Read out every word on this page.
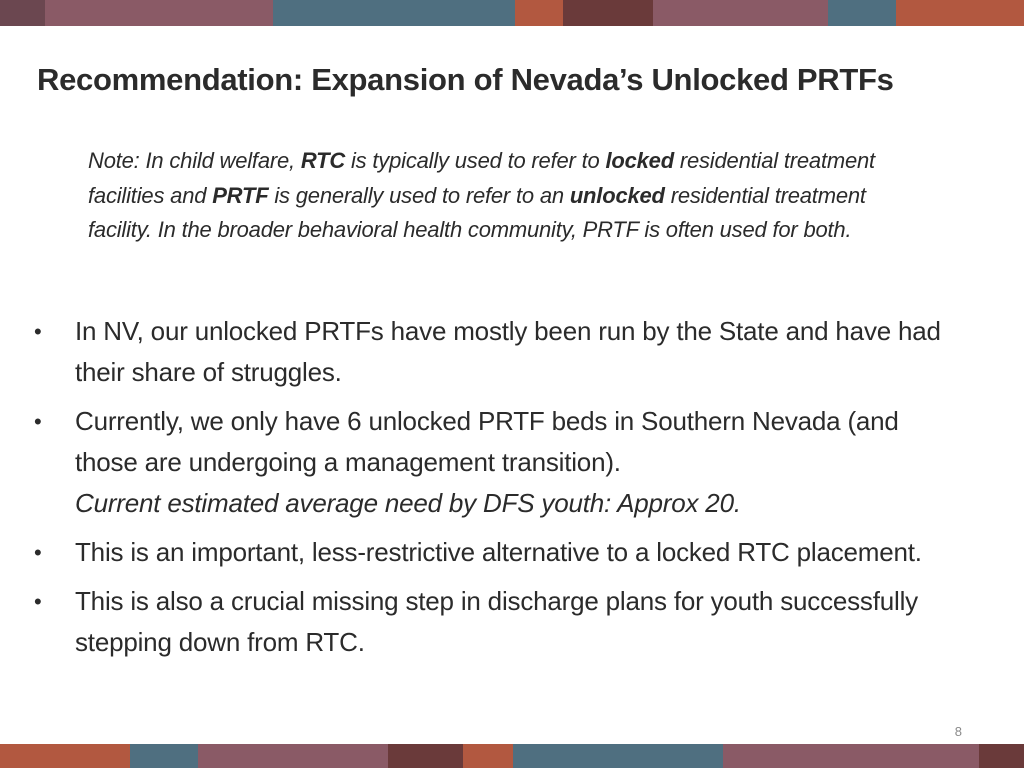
Recommendation: Expansion of Nevada’s Unlocked PRTFs
Note: In child welfare, RTC is typically used to refer to locked residential treatment facilities and PRTF is generally used to refer to an unlocked residential treatment facility. In the broader behavioral health community, PRTF is often used for both.
• In NV, our unlocked PRTFs have mostly been run by the State and have had their share of struggles.
• Currently, we only have 6 unlocked PRTF beds in Southern Nevada (and those are undergoing a management transition).
Current estimated average need by DFS youth: Approx 20.
• This is an important, less-restrictive alternative to a locked RTC placement.
• This is also a crucial missing step in discharge plans for youth successfully stepping down from RTC.
8
